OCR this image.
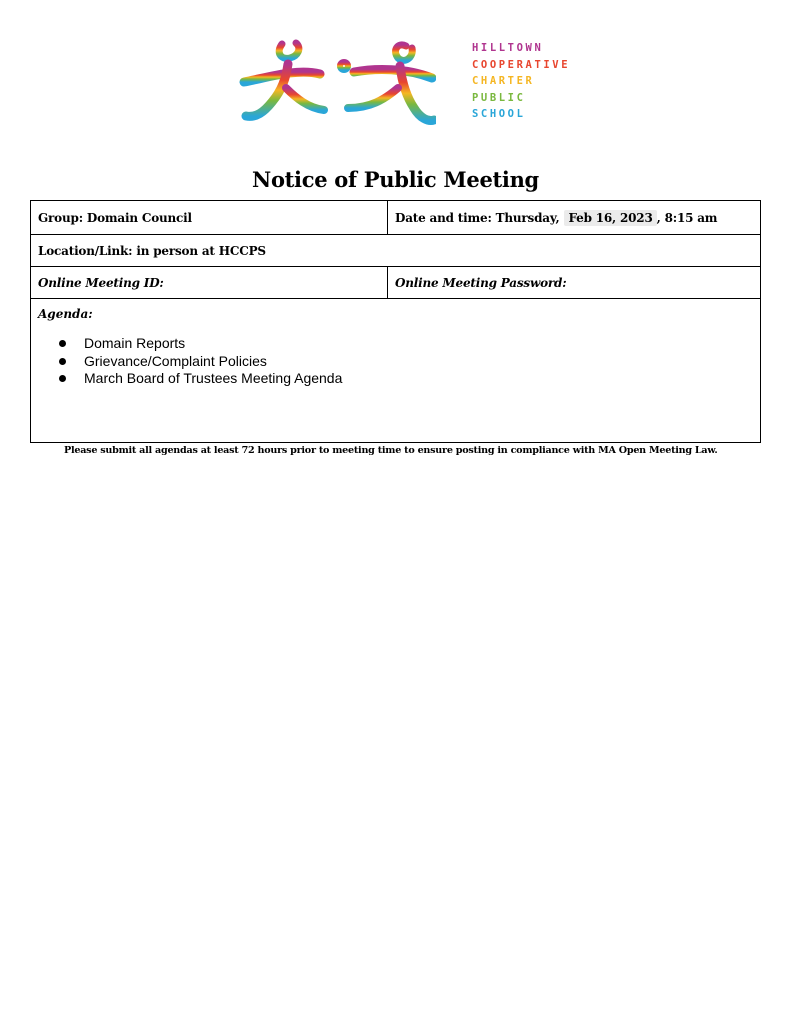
HILLTOWN
COOPERATIVE
CHARTER
PUBLIC
SCHOOL
Notice of Public Meeting
Group: Domain Council	Date and time: Thursday, Feb 16, 2023 , 8:15 am
Location/Link: in person at HCCPS
Online Meeting ID:	Online Meeting Password:
Agenda:
Domain Reports
Grievance/Complaint Policies
March Board of Trustees Meeting Agenda
Please submit all agendas at least 72 hours prior to meeting time to ensure posting in compliance with MA Open Meeting Law.
